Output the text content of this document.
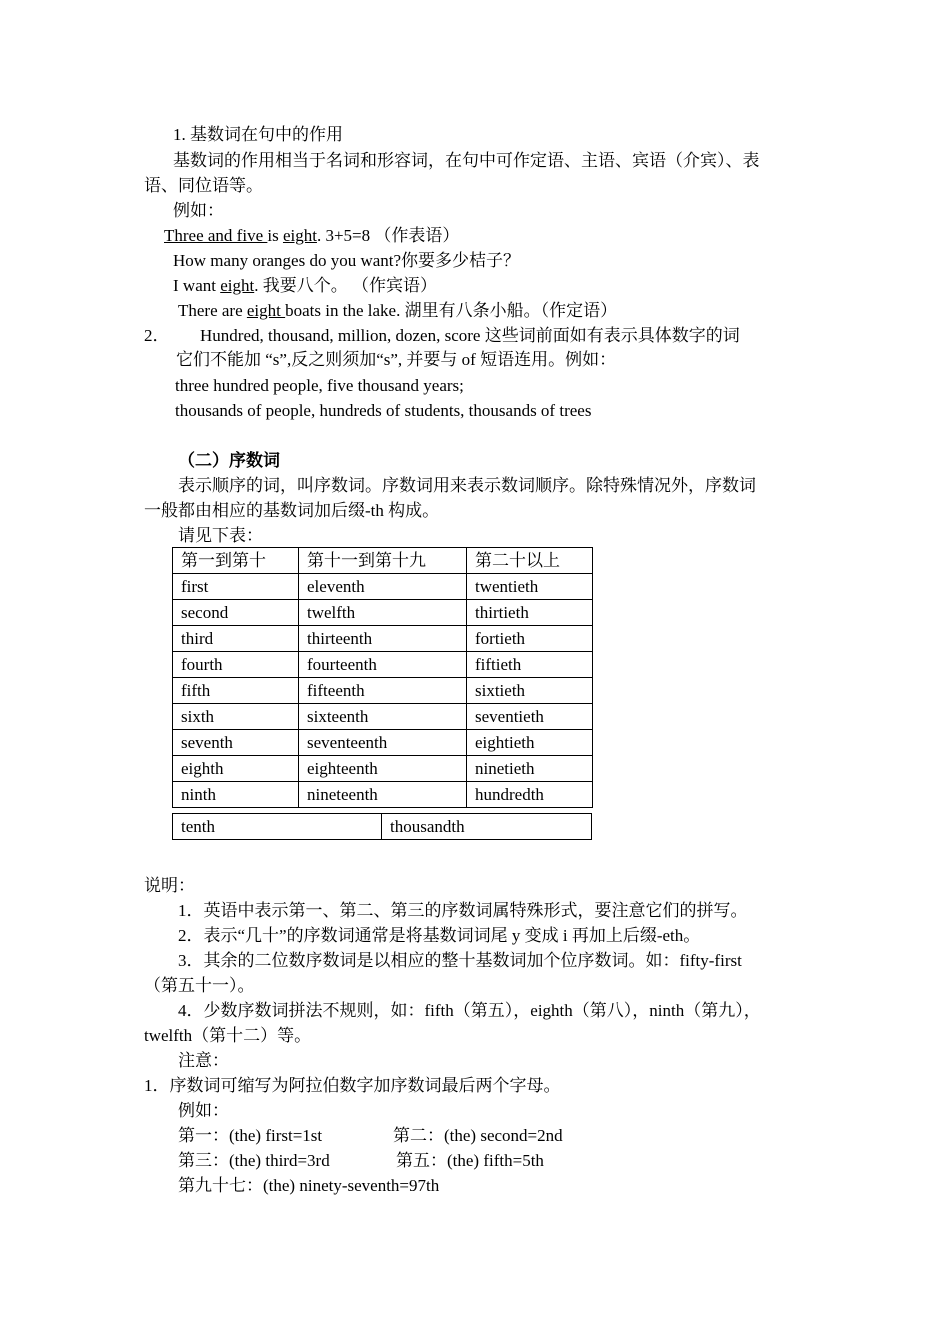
1. 基数词在句中的作用
基数词的作用相当于名词和形容词，在句中可作定语、主语、宾语（介宾）、表
语、同位语等。
例如：
Three and five is eight. 3+5=8 （作表语）
How many oranges do you want?你要多少桔子？
I want eight. 我要八个。 （作宾语）
There are eight boats in the lake. 湖里有八条小船。（作定语）
2． Hundred, thousand, million, dozen, score 这些词前面如有表示具体数字的词
它们不能加 “s”,反之则须加“s”, 并要与 of 短语连用。例如：
three hundred people, five thousand years;
thousands of people, hundreds of students, thousands of trees
（二）序数词
表示顺序的词，叫序数词。序数词用来表示数词顺序。除特殊情况外，序数词
一般都由相应的基数词加后缀-th 构成。
请见下表：
第一到第十	第十一到第十九	第二十以上
first	eleventh	twentieth
second	twelfth	thirtieth
third	thirteenth	fortieth
fourth	fourteenth	fiftieth
fifth	fifteenth	sixtieth
sixth	sixteenth	seventieth
seventh	seventeenth	eightieth
eighth	eighteenth	ninetieth
ninth	nineteenth	hundredth
tenth	thousandth
说明：
1．英语中表示第一、第二、第三的序数词属特殊形式，要注意它们的拼写。
2．表示“几十”的序数词通常是将基数词词尾 y 变成 i 再加上后缀-eth。
3．其余的二位数序数词是以相应的整十基数词加个位序数词。如：fifty-first
（第五十一）。
4．少数序数词拼法不规则，如：fifth（第五），eighth（第八），ninth（第九），
twelfth（第十二）等。
注意：
1．序数词可缩写为阿拉伯数字加序数词最后两个字母。
例如：
第一：(the) first=1st	第二：(the) second=2nd
第三：(the) third=3rd	第五：(the) fifth=5th
第九十七：(the) ninety-seventh=97th
